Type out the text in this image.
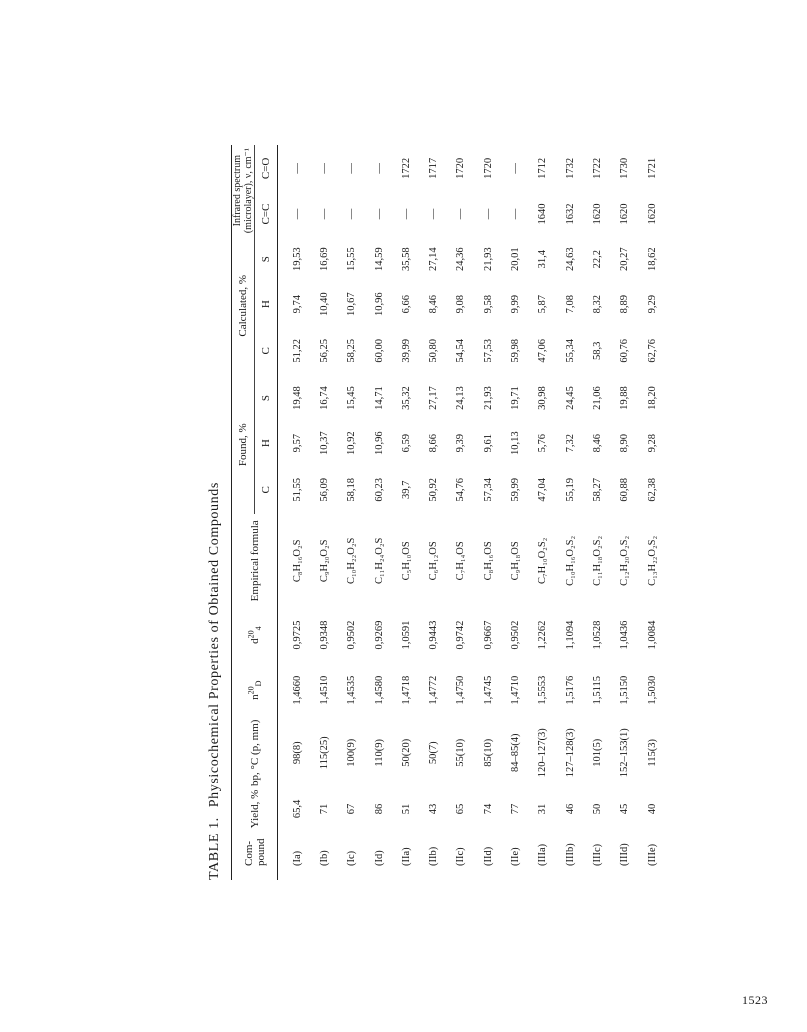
TABLE 1.Physicochemical Properties of Obtained Compounds
Com- pound	Yield, %	bp, °C (p, mm)	$n^{20}_D$	$d^{20}_4$	Empirical formula	Found, %			Calculated, %			Infrared spectrum (microlayer), ν, cm⁻¹	
						C	H	S	C	H	S	C=C	C=O
(Ia)	65,4	98(8)	1,4660	0,9725	C₈H₁₆O₂S	51,55	9,57	19,48	51,22	9,74	19,53	—	—
(Ib)	71	115(25)	1,4510	0,9348	C₉H₂₀O₂S	56,09	10,37	16,74	56,25	10,40	16,69	—	—
(Ic)	67	100(9)	1,4535	0,9502	C₁₀H₂₂O₂S	58,18	10,92	15,45	58,25	10,67	15,55	—	—
(Id)	86	110(9)	1,4580	0,9269	C₁₁H₂₄O₂S	60,23	10,96	14,71	60,00	10,96	14,59	—	—
(IIa)	51	50(20)	1,4718	1,0591	C₅H₁₀OS	39,7	6,59	35,32	39,99	6,66	35,58	—	1722
(IIb)	43	50(7)	1,4772	0,9443	C₆H₁₂OS	50,92	8,66	27,17	50,80	8,46	27,14	—	1717
(IIc)	65	55(10)	1,4750	0,9742	C₇H₁₄OS	54,76	9,39	24,13	54,54	9,08	24,36	—	1720
(IId)	74	85(10)	1,4745	0,9667	C₈H₁₆OS	57,34	9,61	21,93	57,53	9,58	21,93	—	1720
(IIe)	77	84–85(4)	1,4710	0,9502	C₉H₁₈OS	59,99	10,13	19,71	59,98	9,99	20,01	—	—
(IIIa)	31	120–127(3)	1,5553	1,2262	C₇H₁₀O₂S₂	47,04	5,76	30,98	47,06	5,87	31,4	1640	1712
(IIIb)	46	127–128(3)	1,5176	1,1094	C₁₀H₁₆O₂S₂	55,19	7,32	24,45	55,34	7,08	24,63	1632	1732
(IIIc)	50	101(5)	1,5115	1,0528	C₁₁H₁₈O₂S₂	58,27	8,46	21,06	58,3	8,32	22,2	1620	1722
(IIId)	45	152–153(1)	1,5150	1,0436	C₁₂H₂₀O₂S₂	60,88	8,90	19,88	60,76	8,89	20,27	1620	1730
(IIIe)	40	115(3)	1,5030	1,0084	C₁₃H₂₂O₂S₂	62,38	9,28	18,20	62,76	9,29	18,62	1620	1721
1523
